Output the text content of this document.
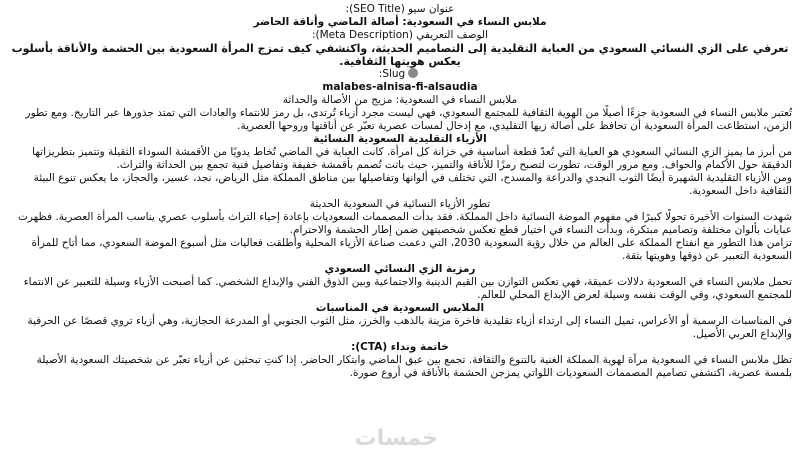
عنوان سيو (SEO Title):
ملابس النساء في السعودية: أصالة الماضي وأناقة الحاضر
الوصف التعريفي (Meta Description):
تعرفي على الزي النسائي السعودي من العباية التقليدية إلى التصاميم الحديثة، واكتشفي كيف تمزج المرأة السعودية بين الحشمة والأناقة بأسلوب يعكس هويتها الثقافية.
Slug:
malabes-alnisa-fi-alsaudia
ملابس النساء في السعودية: مزيج من الأصالة والحداثة

تُعتبر ملابس النساء في السعودية جزءًا أصيلًا من الهوية الثقافية للمجتمع السعودي، فهي ليست مجرد أزياء تُرتدى، بل رمز للانتماء والعادات التي تمتد جذورها عبر التاريخ. ومع تطور الزمن، استطاعت المرأة السعودية أن تحافظ على أصالة زيها التقليدي، مع إدخال لمسات عصرية تعبّر عن أناقتها وروحها العصرية.

الأزياء التقليدية السعودية النسائية

من أبرز ما يميز الزي النسائي السعودي هو العباية التي تُعدّ قطعة أساسية في خزانة كل امرأة. كانت العباية في الماضي تُخاط يدويًا من الأقمشة السوداء الثقيلة وتتميز بتطريزاتها الدقيقة حول الأكمام والحواف. ومع مرور الوقت، تطورت لتصبح رمزًا للأناقة والتميز، حيث باتت تُصمم بأقمشة خفيفة وتفاصيل فنية تجمع بين الحداثة والتراث.

ومن الأزياء التقليدية الشهيرة أيضًا الثوب النجدي والدراعة والمسدح، التي تختلف في ألوانها وتفاصيلها بين مناطق المملكة مثل الرياض، نجد، عسير، والحجاز، ما يعكس تنوع البيئة الثقافية داخل السعودية.

تطور الأزياء النسائية في السعودية الحديثة

شهدت السنوات الأخيرة تحولًا كبيرًا في مفهوم الموضة النسائية داخل المملكة. فقد بدأت المصممات السعوديات بإعادة إحياء التراث بأسلوب عصري يناسب المرأة العصرية. فظهرت عبايات بألوان مختلفة وتصاميم مبتكرة، وبدأت النساء في اختيار قطع تعكس شخصيتهن ضمن إطار الحشمة والاحترام.

تزامن هذا التطور مع انفتاح المملكة على العالم من خلال رؤية السعودية 2030، التي دعمت صناعة الأزياء المحلية وأطلقت فعاليات مثل أسبوع الموضة السعودي، مما أتاح للمرأة السعودية التعبير عن ذوقها وهويتها بثقة.

رمزية الزي النسائي السعودي

تحمل ملابس النساء في السعودية دلالات عميقة، فهي تعكس التوازن بين القيم الدينية والاجتماعية وبين الذوق الفني والإبداع الشخصي. كما أصبحت الأزياء وسيلة للتعبير عن الانتماء للمجتمع السعودي، وفي الوقت نفسه وسيلة لعرض الإبداع المحلي للعالم.

الملابس السعودية في المناسبات

في المناسبات الرسمية أو الأعراس، تميل النساء إلى ارتداء أزياء تقليدية فاخرة مزينة بالذهب والخرز، مثل الثوب الجنوبي أو المدرعة الحجازية، وهي أزياء تروي قصصًا عن الحرفية والإبداع العربي الأصيل.

خاتمة ونداء (CTA):

تظل ملابس النساء في السعودية مرآة لهوية المملكة الغنية بالتنوع والثقافة. تجمع بين عبق الماضي وابتكار الحاضر. إذا كنتِ تبحثين عن أزياء تعبّر عن شخصيتك السعودية الأصيلة بلمسة عصرية، اكتشفي تصاميم المصممات السعوديات اللواتي يمزجن الحشمة بالأناقة في أروع صورة.

خمسات
